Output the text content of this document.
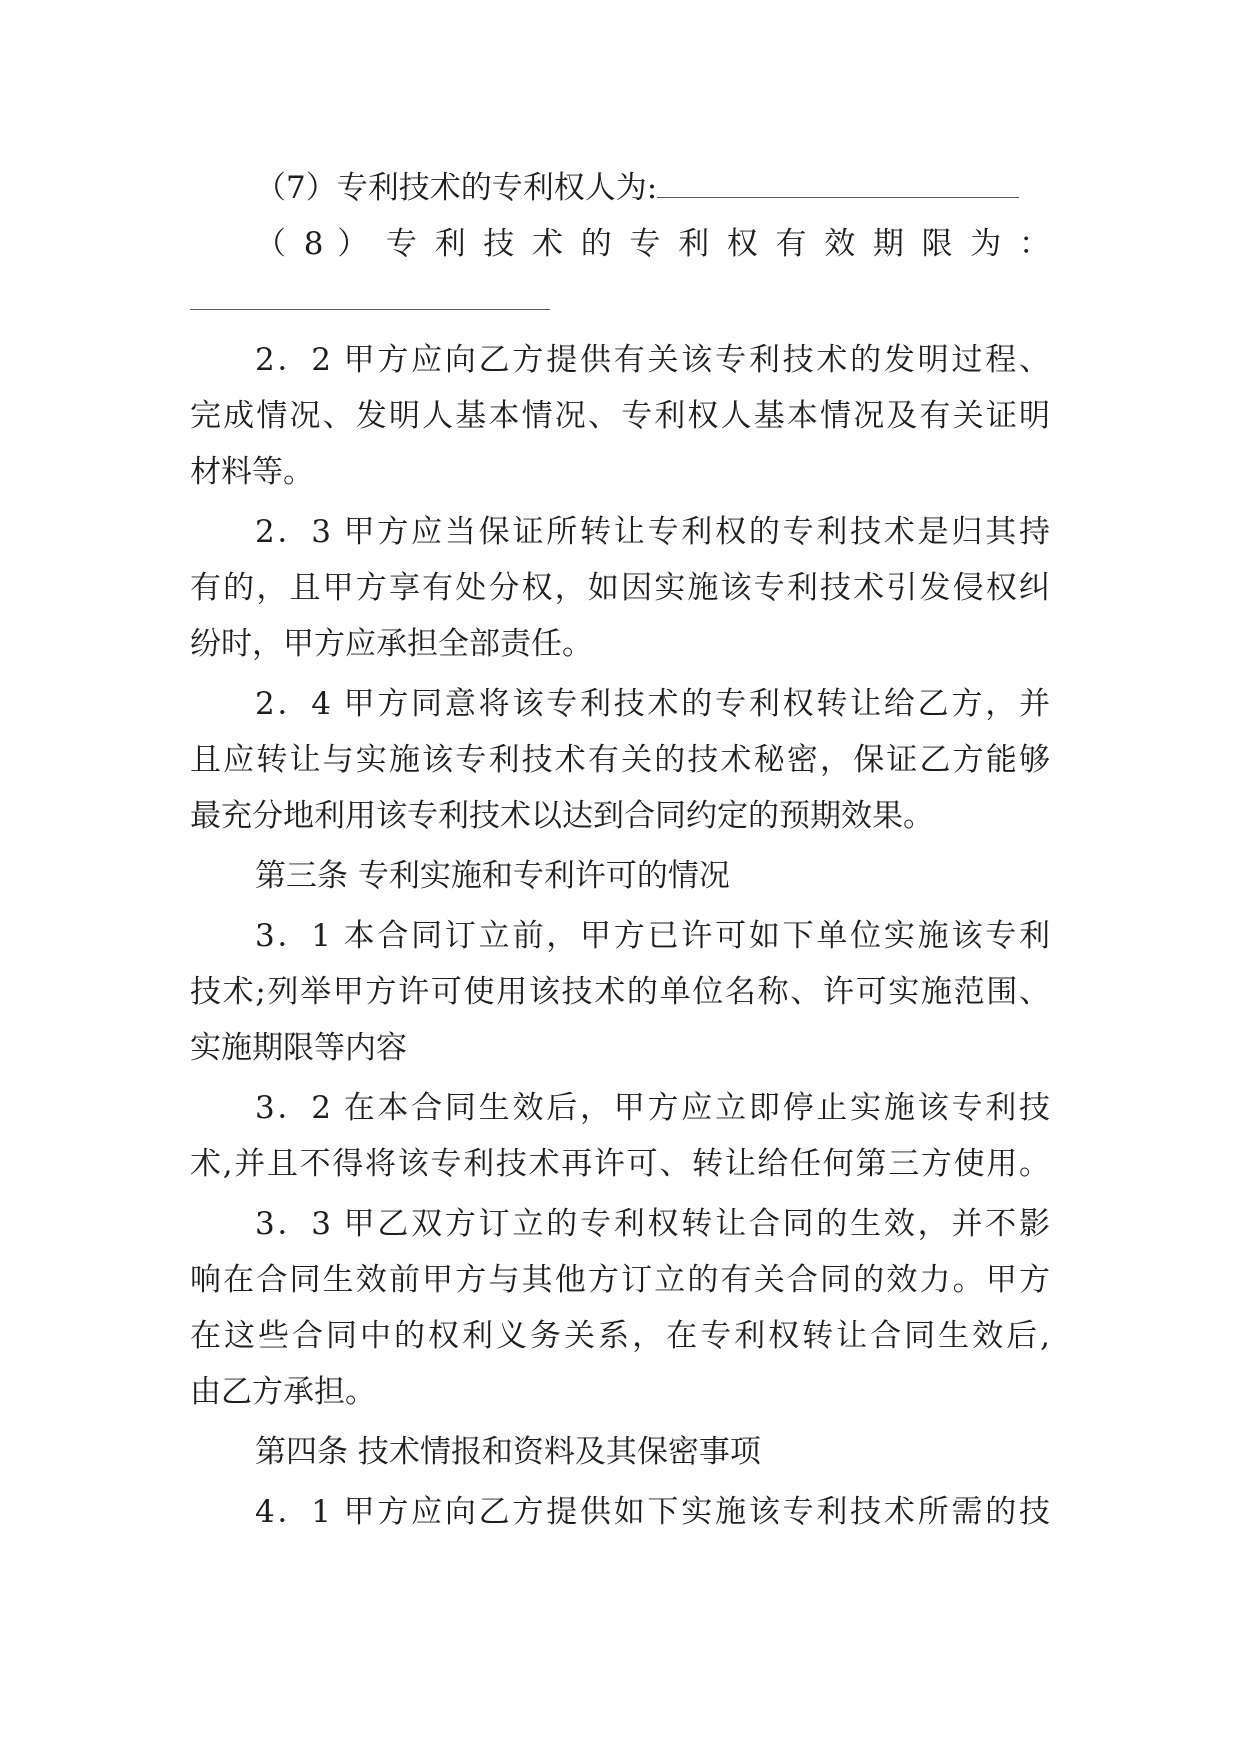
（7）专利技术的专利权人为:
（ 8 ） 专 利 技 术 的 专 利 权 有 效 期 限 为 ：
2．2 甲方应向乙方提供有关该专利技术的发明过程、
完成情况、发明人基本情况、专利权人基本情况及有关证明
材料等。
2．3 甲方应当保证所转让专利权的专利技术是归其持
有的，且甲方享有处分权，如因实施该专利技术引发侵权纠
纷时，甲方应承担全部责任。
2．4 甲方同意将该专利技术的专利权转让给乙方，并
且应转让与实施该专利技术有关的技术秘密，保证乙方能够
最充分地利用该专利技术以达到合同约定的预期效果。
第三条 专利实施和专利许可的情况
3．1 本合同订立前，甲方已许可如下单位实施该专利
技术;列举甲方许可使用该技术的单位名称、许可实施范围、
实施期限等内容
3．2 在本合同生效后，甲方应立即停止实施该专利技
术,并且不得将该专利技术再许可、转让给任何第三方使用。
3．3 甲乙双方订立的专利权转让合同的生效，并不影
响在合同生效前甲方与其他方订立的有关合同的效力。甲方
在这些合同中的权利义务关系，在专利权转让合同生效后,
由乙方承担。
第四条 技术情报和资料及其保密事项
4．1 甲方应向乙方提供如下实施该专利技术所需的技
